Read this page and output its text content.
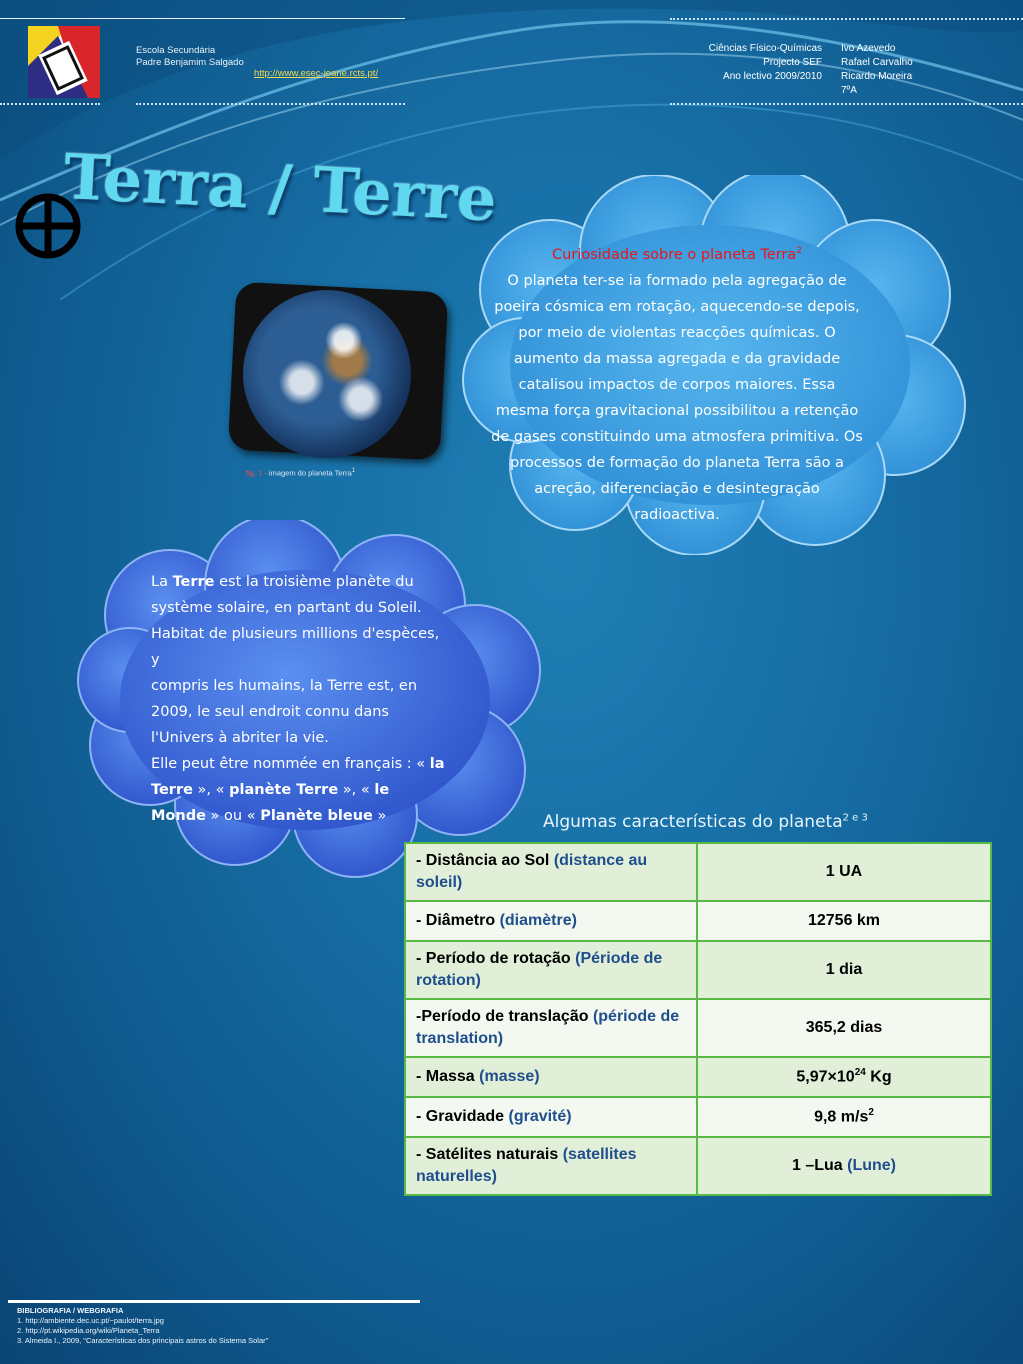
Escola Secundária
Padre Benjamim Salgado
http://www.esec-joane.rcts.pt/
Ciências Físico-Químicas
Projecto SEF
Ano lectivo 2009/2010
Ivo Azevedo
Rafael Carvalho
Ricardo Moreira
7ºA
Terra / Terre
Curiosidade sobre o planeta Terra$^2$
O planeta ter-se ia formado pela agregação de
poeira cósmica em rotação, aquecendo-se depois,
por meio de violentas reacções químicas. O
aumento da massa agregada e da gravidade
catalisou impactos de corpos maiores. Essa
mesma força gravitacional possibilitou a retenção
de gases constituindo uma atmosfera primitiva. Os
processos de formação do planeta Terra são a
acreção, diferenciação e desintegração
radioactiva.
fig. 1 - imagem do planeta Terra$^1$
La Terre est la troisième planète du
système solaire, en partant du Soleil.
Habitat de plusieurs millions d'espèces, y
compris les humains, la Terre est, en
2009, le seul endroit connu dans
l'Univers à abriter la vie.
Elle peut être nommée en français : « la
Terre », « planète Terre », « le
Monde » ou « Planète bleue »	Algumas características do planeta$^{2 e 3}$
- Distância ao Sol (distance au soleil)	1 UA
- Diâmetro (diamètre)	12756 km
- Período de rotação (Période de rotation)	1 dia
-Período de translação (période de translation)	365,2 dias
- Massa (masse)	$5,97\times 10^{24}$ Kg
- Gravidade (gravité)	9,8 $m/s^2$
- Satélites naturais (satellites naturelles)	1 –Lua (Lune)
BIBLIOGRAFIA / WEBGRAFIA
1. http://ambiente.dec.uc.pt/~paulot/terra.jpg
2. http://pt.wikipedia.org/wiki/Planeta_Terra
3. Almeida I., 2009, "Características dos principais astros do Sistema Solar"
